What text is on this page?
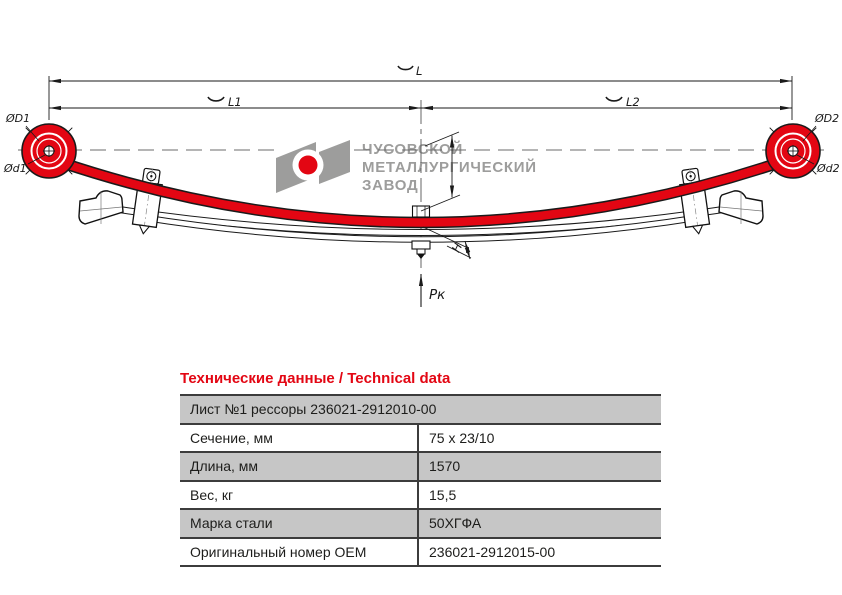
ЧУСОВСКОЙ
МЕТАЛЛУРГИЧЕСКИЙ
ЗАВОД
L
L1	L2
H
Pк
ØD1
Ød1
ØD2
Ød2
Технические данные / Technical data
Лист №1 рессоры 236021-2912010-00
Сечение, мм	75 x 23/10
Длина, мм	1570
Вес, кг	15,5
Марка стали	50ХГФА
Оригинальный номер OEM	236021-2912015-00
